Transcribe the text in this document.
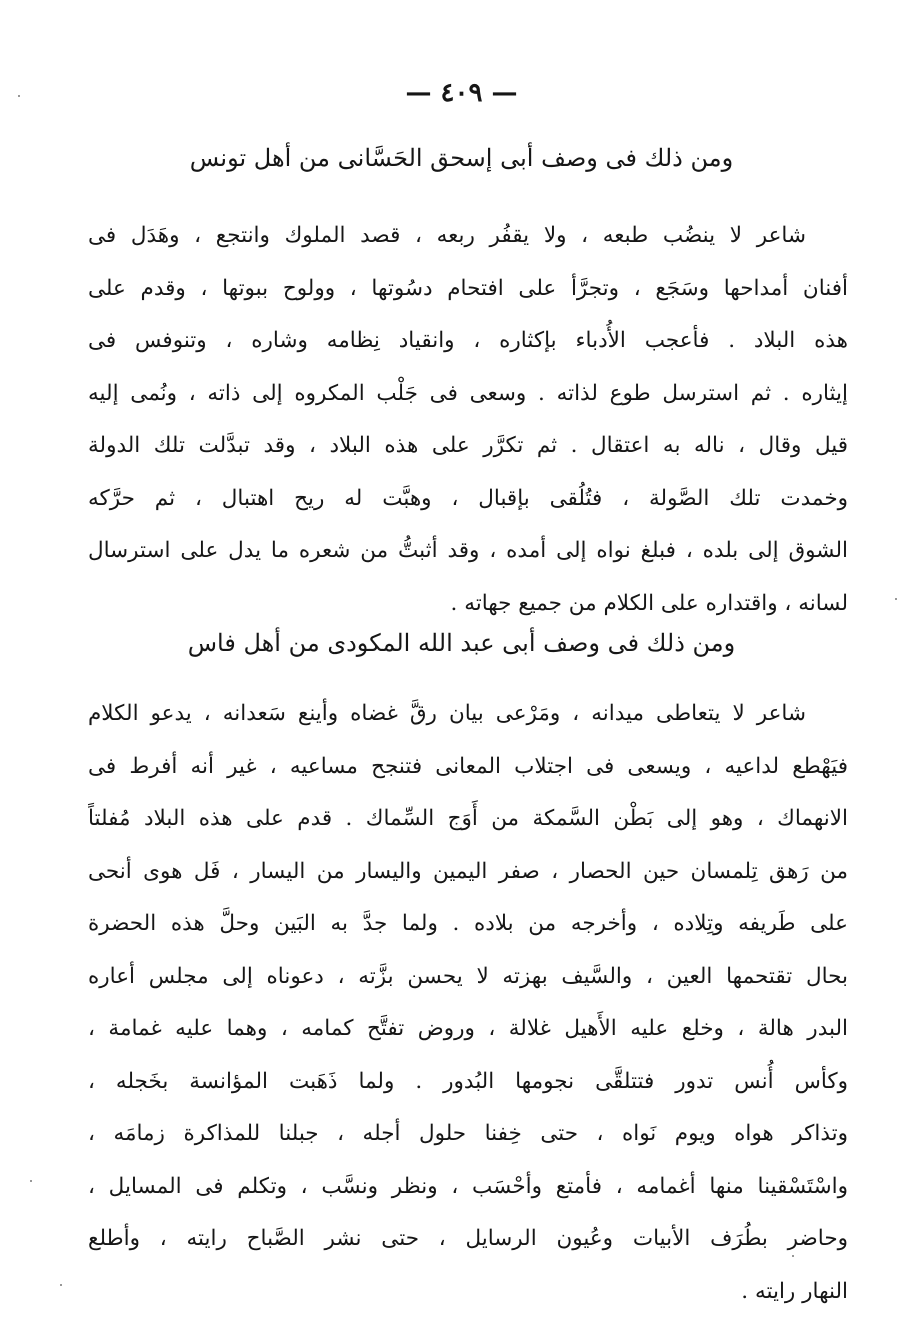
— ٤٠٩ —
ومن ذلك فى وصف أبى إسحق الحَسَّانى من أهل تونس
شاعر لا ينضُب طبعه ، ولا يقفُر ربعه ، قصد الملوك وانتجع ، وهَدَل فى
أفنان أمداحها وسَجَع ، وتجرَّأ على افتحام دسُوتها ، وولوح ببوتها ، وقدم على
هذه البلاد . فأعجب الأُدباء بإكثاره ، وانقياد نِظامه وشاره ، وتنوفس فى
إيثاره . ثم استرسل طوع لذاته . وسعى فى جَلْب المكروه إلى ذاته ، ونُمى إليه
قيل وقال ، ناله به اعتقال . ثم تكرَّر على هذه البلاد ، وقد تبدَّلت تلك الدولة
وخمدت تلك الصَّولة ، فتُلُقى بإقبال ، وهبَّت له ريح اهتبال ، ثم حرَّكه
الشوق إلى بلده ، فبلغ نواه إلى أمده ، وقد أثبتُّ من شعره ما يدل على استرسال
لسانه ، واقتداره على الكلام من جميع جهاته .
ومن ذلك فى وصف أبى عبد الله المكودى من أهل فاس
شاعر لا يتعاطى ميدانه ، ومَرْعى بيان رقَّ غضاه وأينع سَعدانه ، يدعو الكلام
فيَهْطع لداعيه ، ويسعى فى اجتلاب المعانى فتنجح مساعيه ، غير أنه أفرط فى
الانهماك ، وهو إلى بَطْن السَّمكة من أَوَج السِّماك . قدم على هذه البلاد مُفلتاً
من رَهق تِلمسان حين الحصار ، صفر اليمين واليسار من اليسار ، فَل هوى أنحى
على طَريفه وتِلاده ، وأخرجه من بلاده . ولما جدَّ به البَين وحلَّ هذه الحضرة
بحال تقتحمها العين ، والسَّيف بهزته لا يحسن بزَّته ، دعوناه إلى مجلس أعاره
البدر هالة ، وخلع عليه الأَهيل غلالة ، وروض تفتَّح كمامه ، وهما عليه غمامة ،
وكأس أُنس تدور فتتلقَّى نجومها البُدور . ولما ذَهَبت المؤانسة بخَجله ،
وتذاكر هواه ويوم نَواه ، حتى خِفنا حلول أجله ، جبلنا للمذاكرة زمامَه ،
واسْتَسْقينا منها أغمامه ، فأمتع وأحْسَب ، ونظر ونسَّب ، وتكلم فى المسايل ،
وحاضر بطُرَف الأبيات وعُيون الرسايل ، حتى نشر الصَّباح رايته ، وأطلع
النهار رايته .
